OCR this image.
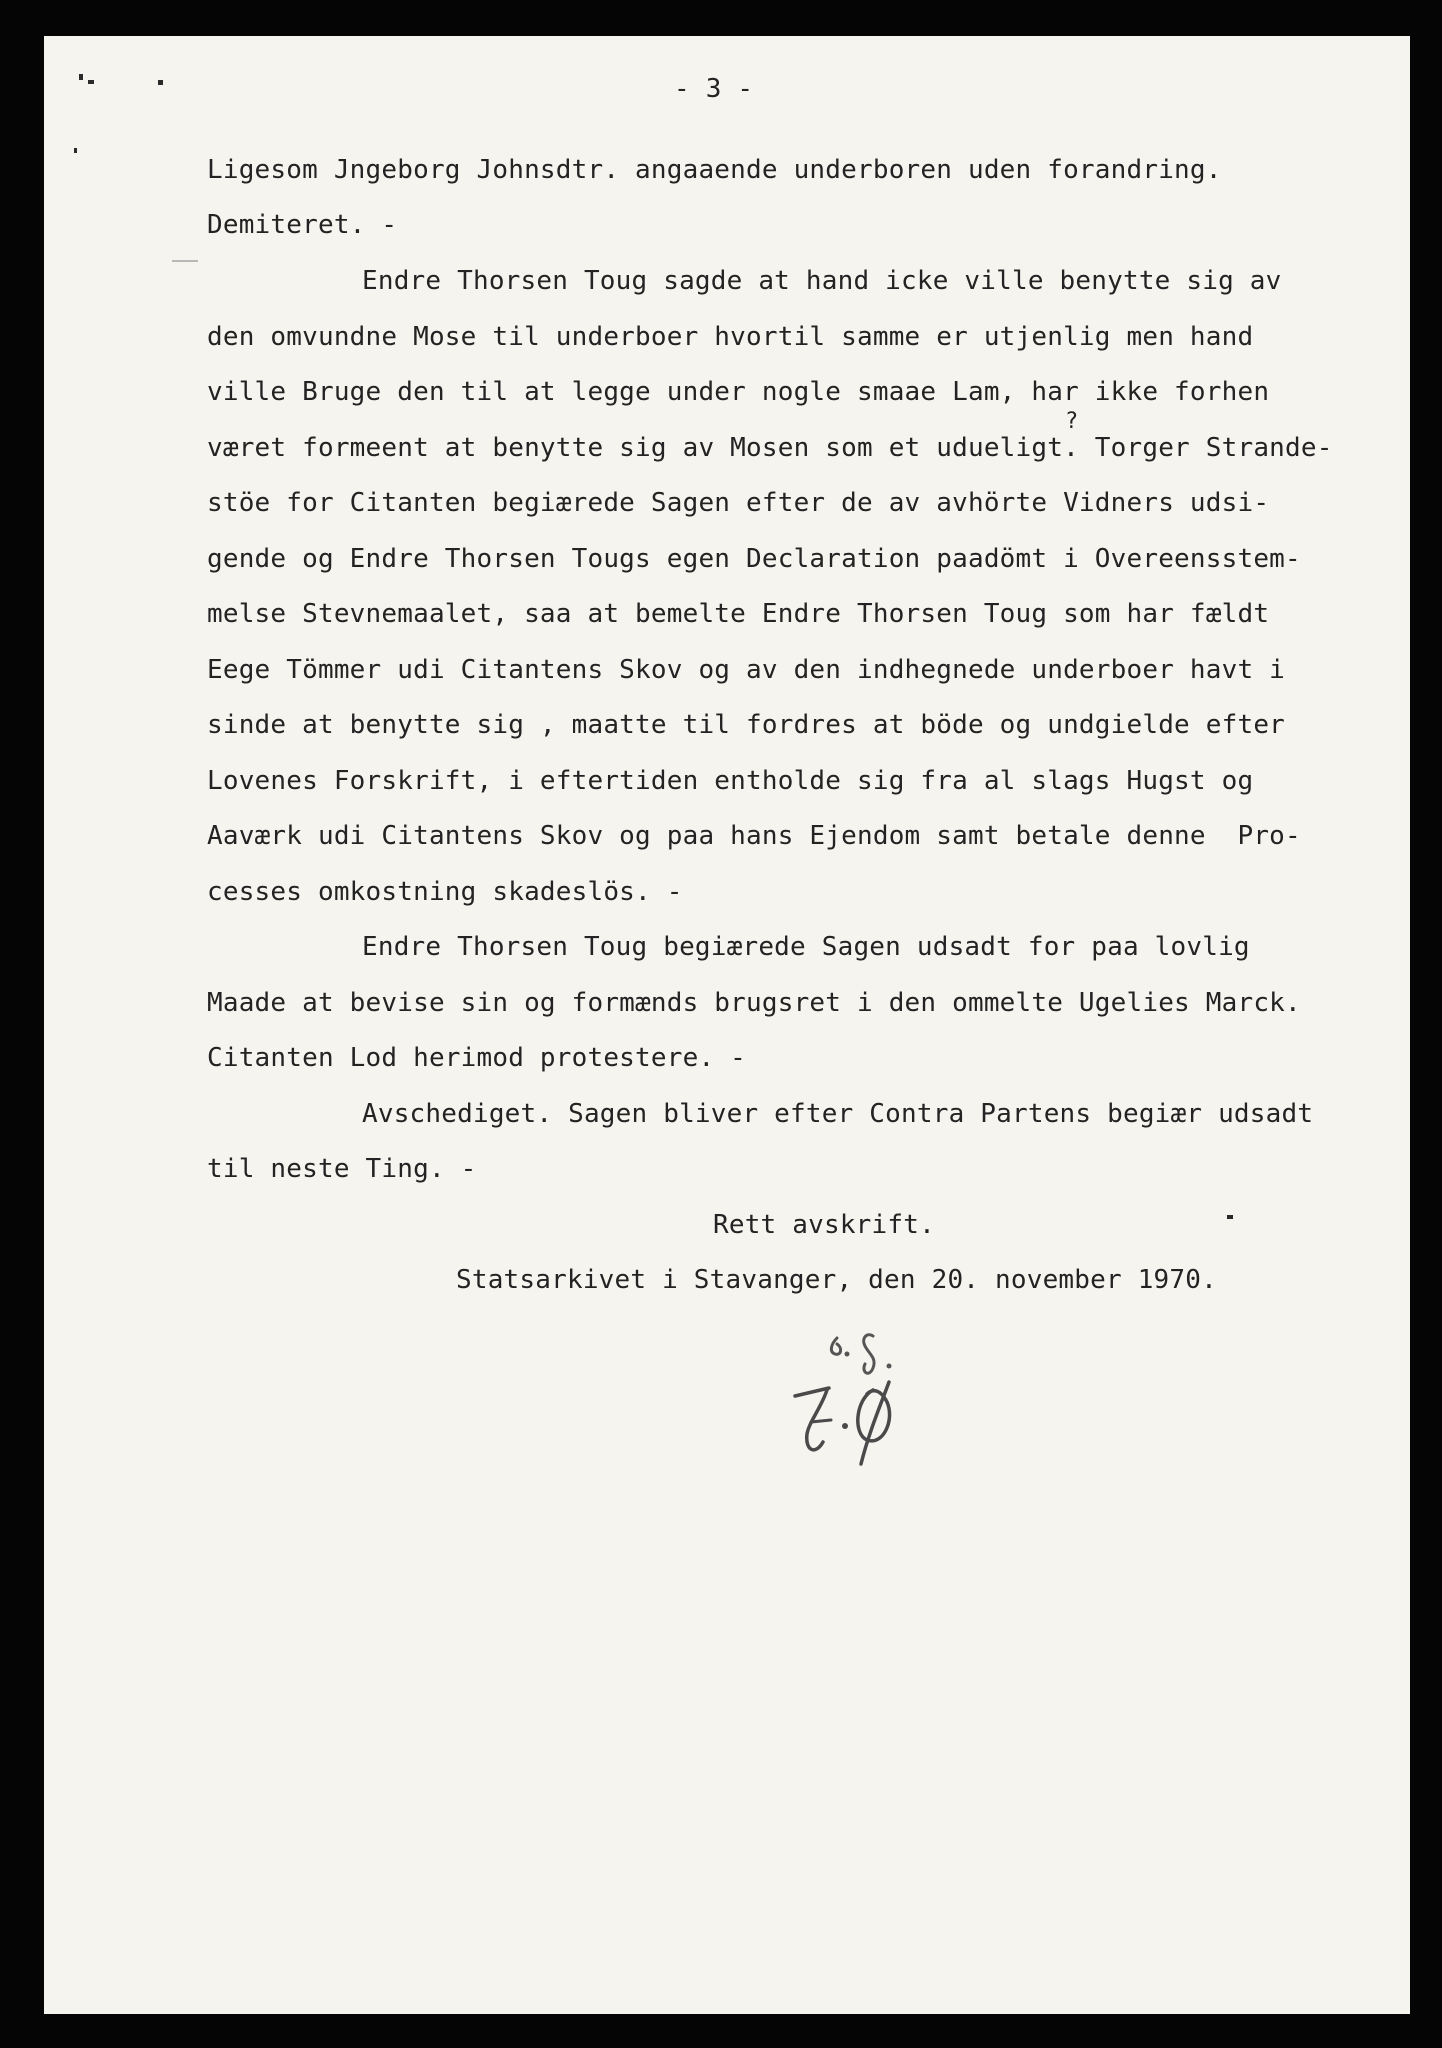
- 3 -
Ligesom Jngeborg Johnsdtr. angaaende underboren uden forandring.
Demiteret. -
Endre Thorsen Toug sagde at hand icke ville benytte sig av
den omvundne Mose til underboer hvortil samme er utjenlig men hand
ville Bruge den til at legge under nogle smaae Lam, har ikke forhen
?
været formeent at benytte sig av Mosen som et udueligt. Torger Strande-
stöe for Citanten begiærede Sagen efter de av avhörte Vidners udsi-
gende og Endre Thorsen Tougs egen Declaration paadömt i Overeensstem-
melse Stevnemaalet, saa at bemelte Endre Thorsen Toug som har fældt
Eege Tömmer udi Citantens Skov og av den indhegnede underboer havt i
sinde at benytte sig , maatte til fordres at böde og undgielde efter
Lovenes Forskrift, i eftertiden entholde sig fra al slags Hugst og
Aaværk udi Citantens Skov og paa hans Ejendom samt betale denne  Pro-
cesses omkostning skadeslös. -
Endre Thorsen Toug begiærede Sagen udsadt for paa lovlig
Maade at bevise sin og formænds brugsret i den ommelte Ugelies Marck.
Citanten Lod herimod protestere. -
Avschediget. Sagen bliver efter Contra Partens begiær udsadt
til neste Ting. -
Rett avskrift.
Statsarkivet i Stavanger, den 20. november 1970.
